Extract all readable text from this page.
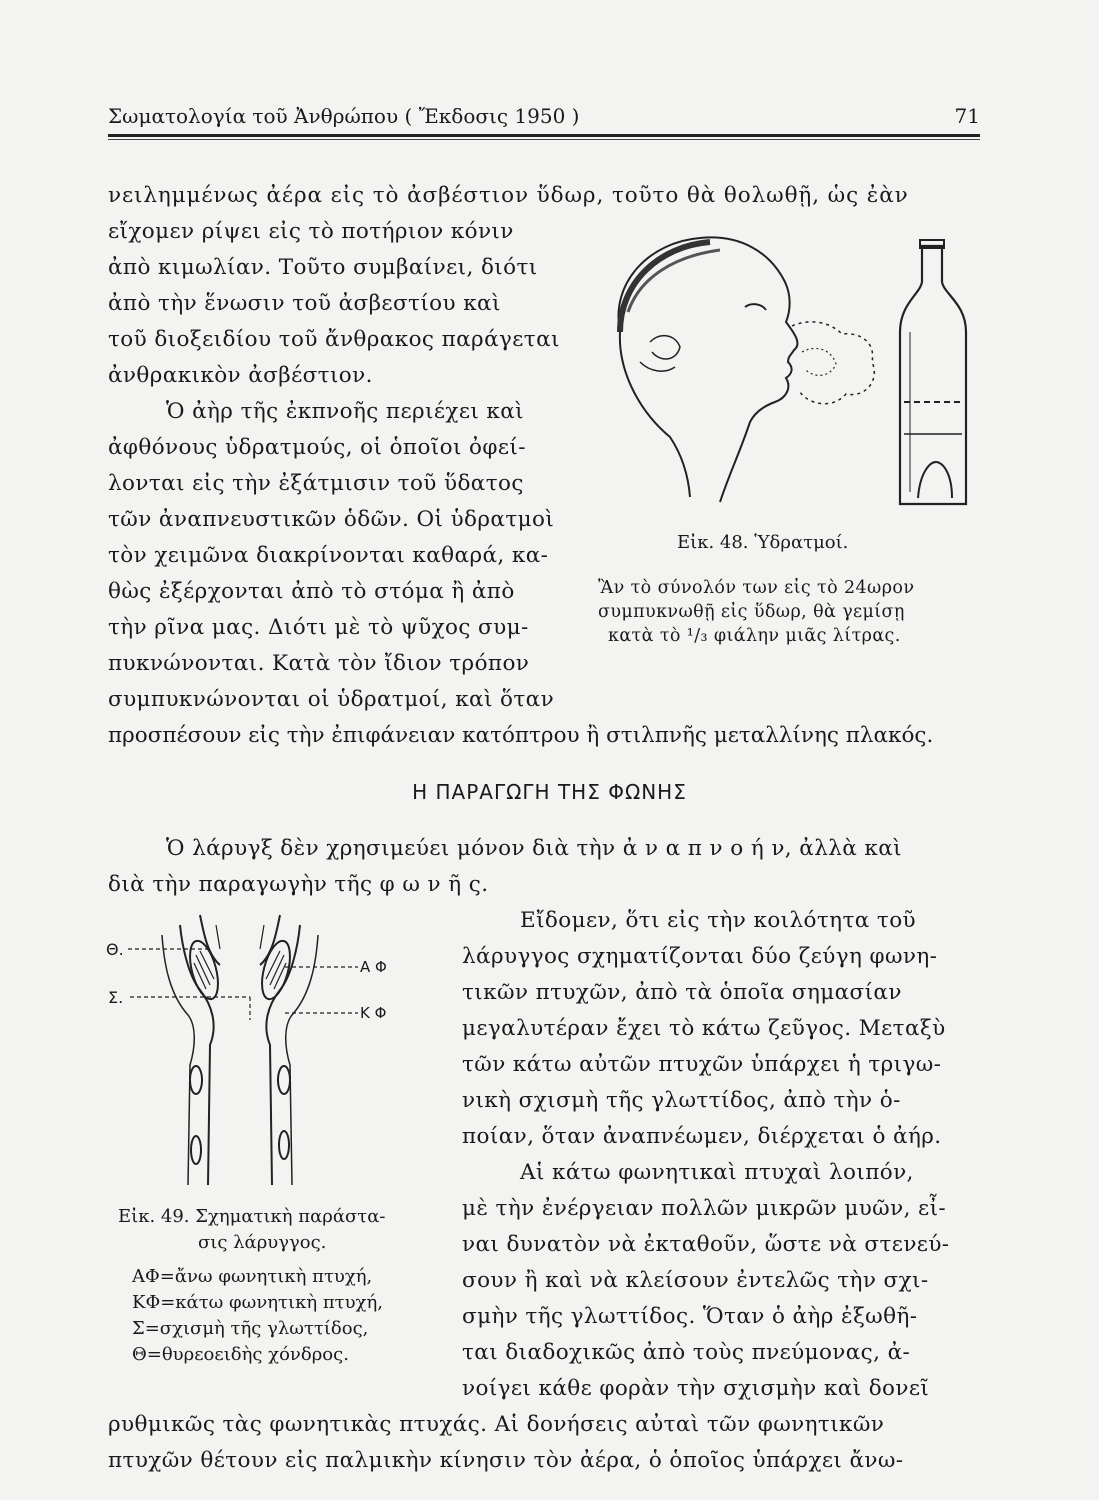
Σωματολογία τοῦ Ἀνθρώπου ( Ἔκδοσις 1950 )	71
νειλημμένως ἀέρα εἰς τὸ ἀσβέστιον ὕδωρ, τοῦτο θὰ θολωθῇ, ὡς ἐὰν
εἴχομεν ρίψει εἰς τὸ ποτήριον κόνιν
ἀπὸ κιμωλίαν. Τοῦτο συμβαίνει, διότι
ἀπὸ τὴν ἕνωσιν τοῦ ἀσβεστίου καὶ
τοῦ διοξειδίου τοῦ ἄνθρακος παράγεται
ἀνθρακικὸν ἀσβέστιον.
Ὁ ἀὴρ τῆς ἐκπνοῆς περιέχει καὶ
ἀφθόνους ὑδρατμούς, οἱ ὁποῖοι ὀφεί-
λονται εἰς τὴν ἐξάτμισιν τοῦ ὕδατος
τῶν ἀναπνευστικῶν ὁδῶν. Οἱ ὑδρατμοὶ
τὸν χειμῶνα διακρίνονται καθαρά, κα-
θὼς ἐξέρχονται ἀπὸ τὸ στόμα ἢ ἀπὸ
τὴν ρῖνα μας. Διότι μὲ τὸ ψῦχος συμ-
πυκνώνονται. Κατὰ τὸν ἴδιον τρόπον
συμπυκνώνονται οἱ ὑδρατμοί, καὶ ὅταν
προσπέσουν εἰς τὴν ἐπιφάνειαν κατόπτρου ἢ στιλπνῆς μεταλλίνης πλακός.
Εἰκ. 48. Ὑδρατμοί.
Ἂν τὸ σύνολόν των εἰς τὸ 24ωρον
συμπυκνωθῇ εἰς ὕδωρ, θὰ γεμίσῃ
κατὰ τὸ ¹/₃ φιάλην μιᾶς λίτρας.
Η ΠΑΡΑΓΩΓΗ ΤΗΣ ΦΩΝΗΣ
Ὁ λάρυγξ δὲν χρησιμεύει μόνον διὰ τὴν ἀ ν α π ν ο ή ν, ἀλλὰ καὶ
διὰ τὴν παραγωγὴν τῆς φ ω ν ῆ ς.
Εἴδομεν, ὅτι εἰς τὴν κοιλότητα τοῦ
λάρυγγος σχηματίζονται δύο ζεύγη φωνη-
τικῶν πτυχῶν, ἀπὸ τὰ ὁποῖα σημασίαν
μεγαλυτέραν ἔχει τὸ κάτω ζεῦγος. Μεταξὺ
τῶν κάτω αὐτῶν πτυχῶν ὑπάρχει ἡ τριγω-
νικὴ σχισμὴ τῆς γλωττίδος, ἀπὸ τὴν ὁ-
ποίαν, ὅταν ἀναπνέωμεν, διέρχεται ὁ ἀήρ.
Αἱ κάτω φωνητικαὶ πτυχαὶ λοιπόν,
μὲ τὴν ἐνέργειαν πολλῶν μικρῶν μυῶν, εἶ-
ναι δυνατὸν νὰ ἐκταθοῦν, ὥστε νὰ στενεύ-
σουν ἢ καὶ νὰ κλείσουν ἐντελῶς τὴν σχι-
σμὴν τῆς γλωττίδος. Ὅταν ὁ ἀὴρ ἐξωθῆ-
ται διαδοχικῶς ἀπὸ τοὺς πνεύμονας, ἀ-
νοίγει κάθε φορὰν τὴν σχισμὴν καὶ δονεῖ
ρυθμικῶς τὰς φωνητικὰς πτυχάς. Αἱ δονήσεις αὐταὶ τῶν φωνητικῶν
πτυχῶν θέτουν εἰς παλμικὴν κίνησιν τὸν ἀέρα, ὁ ὁποῖος ὑπάρχει ἄνω-
Θ.
Σ.
Α Φ
Κ Φ
Εἰκ. 49. Σχηματικὴ παράστα-
σις λάρυγγος.
ΑΦ=ἄνω φωνητικὴ πτυχή,
ΚΦ=κάτω φωνητικὴ πτυχή,
Σ=σχισμὴ τῆς γλωττίδος,
Θ=θυρεοειδὴς χόνδρος.
